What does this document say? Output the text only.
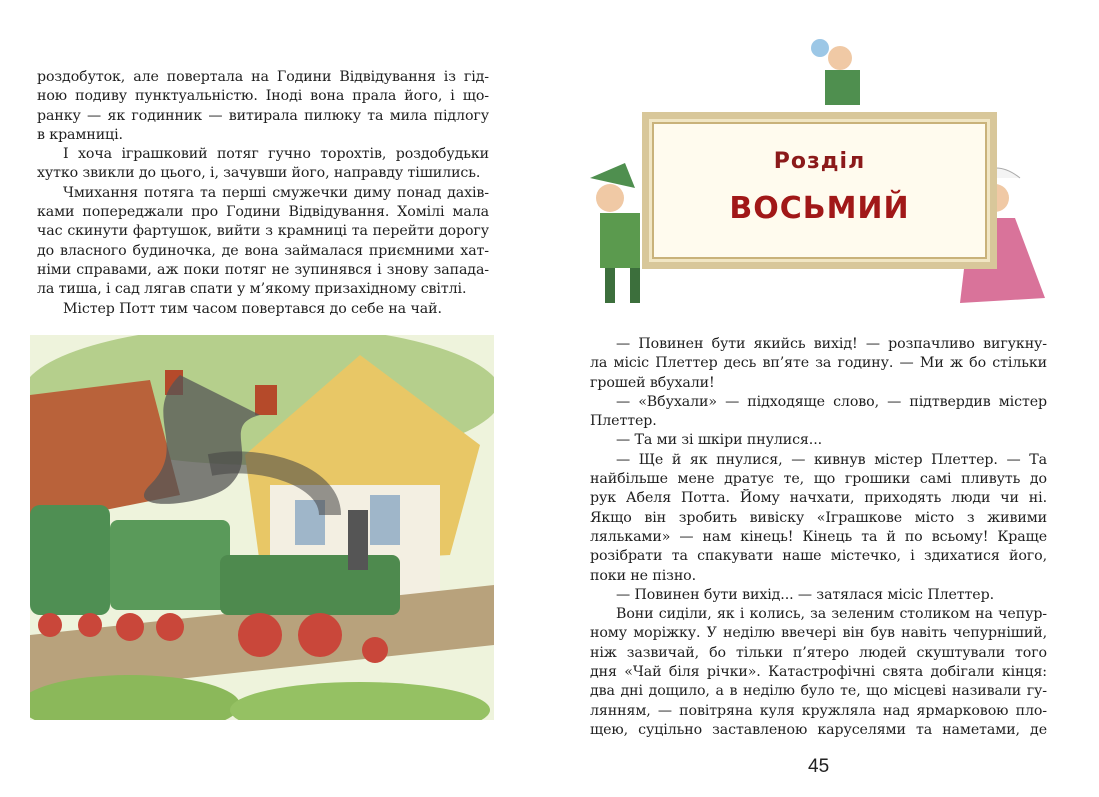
роздобуток, але повертала на Години Відвідування із гід-
ною подиву пунктуальністю. Іноді вона прала його, і що-
ранку — як годинник — витирала пилюку та мила підлогу
в крамниці.
І хоча іграшковий потяг гучно торохтів, роздобудьки
хутко звикли до цього, і, зачувши його, направду тішились.
Чмихання потяга та перші смужечки диму понад дахів-
ками попереджали про Години Відвідування. Хомілі мала
час скинути фартушок, вийти з крамниці та перейти дорогу
до власного будиночка, де вона займалася приємними хат-
німи справами, аж поки потяг не зупинявся і знову запада-
ла тиша, і сад лягав спати у м’якому призахідному світлі.
Містер Потт тим часом повертався до себе на чай.
Розділ
ВОСЬМИЙ
— Повинен бути якийсь вихід! — розпачливо вигукну-
ла місіс Плеттер десь вп’яте за годину. — Ми ж бо стільки
грошей вбухали!
— «Вбухали» — підходяще слово, — підтвердив містер
Плеттер.
— Та ми зі шкіри пнулися...
— Ще й як пнулися, — кивнув містер Плеттер. — Та
найбільше мене дратує те, що грошики самі пливуть до
рук Абеля Потта. Йому начхати, приходять люди чи ні.
Якщо він зробить вивіску «Іграшкове місто з живими
ляльками» — нам кінець! Кінець та й по всьому! Краще
розібрати та спакувати наше містечко, і здихатися його,
поки не пізно.
— Повинен бути вихід... — затялася місіс Плеттер.
Вони сиділи, як і колись, за зеленим столиком на чепур-
ному моріжку. У неділю ввечері він був навіть чепурніший,
ніж зазвичай, бо тільки п’ятеро людей скуштували того
дня «Чай біля річки». Катастрофічні свята добігали кінця:
два дні дощило, а в неділю було те, що місцеві називали гу-
лянням, — повітряна куля кружляла над ярмарковою пло-
щею, суцільно заставленою каруселями та наметами, де
45
